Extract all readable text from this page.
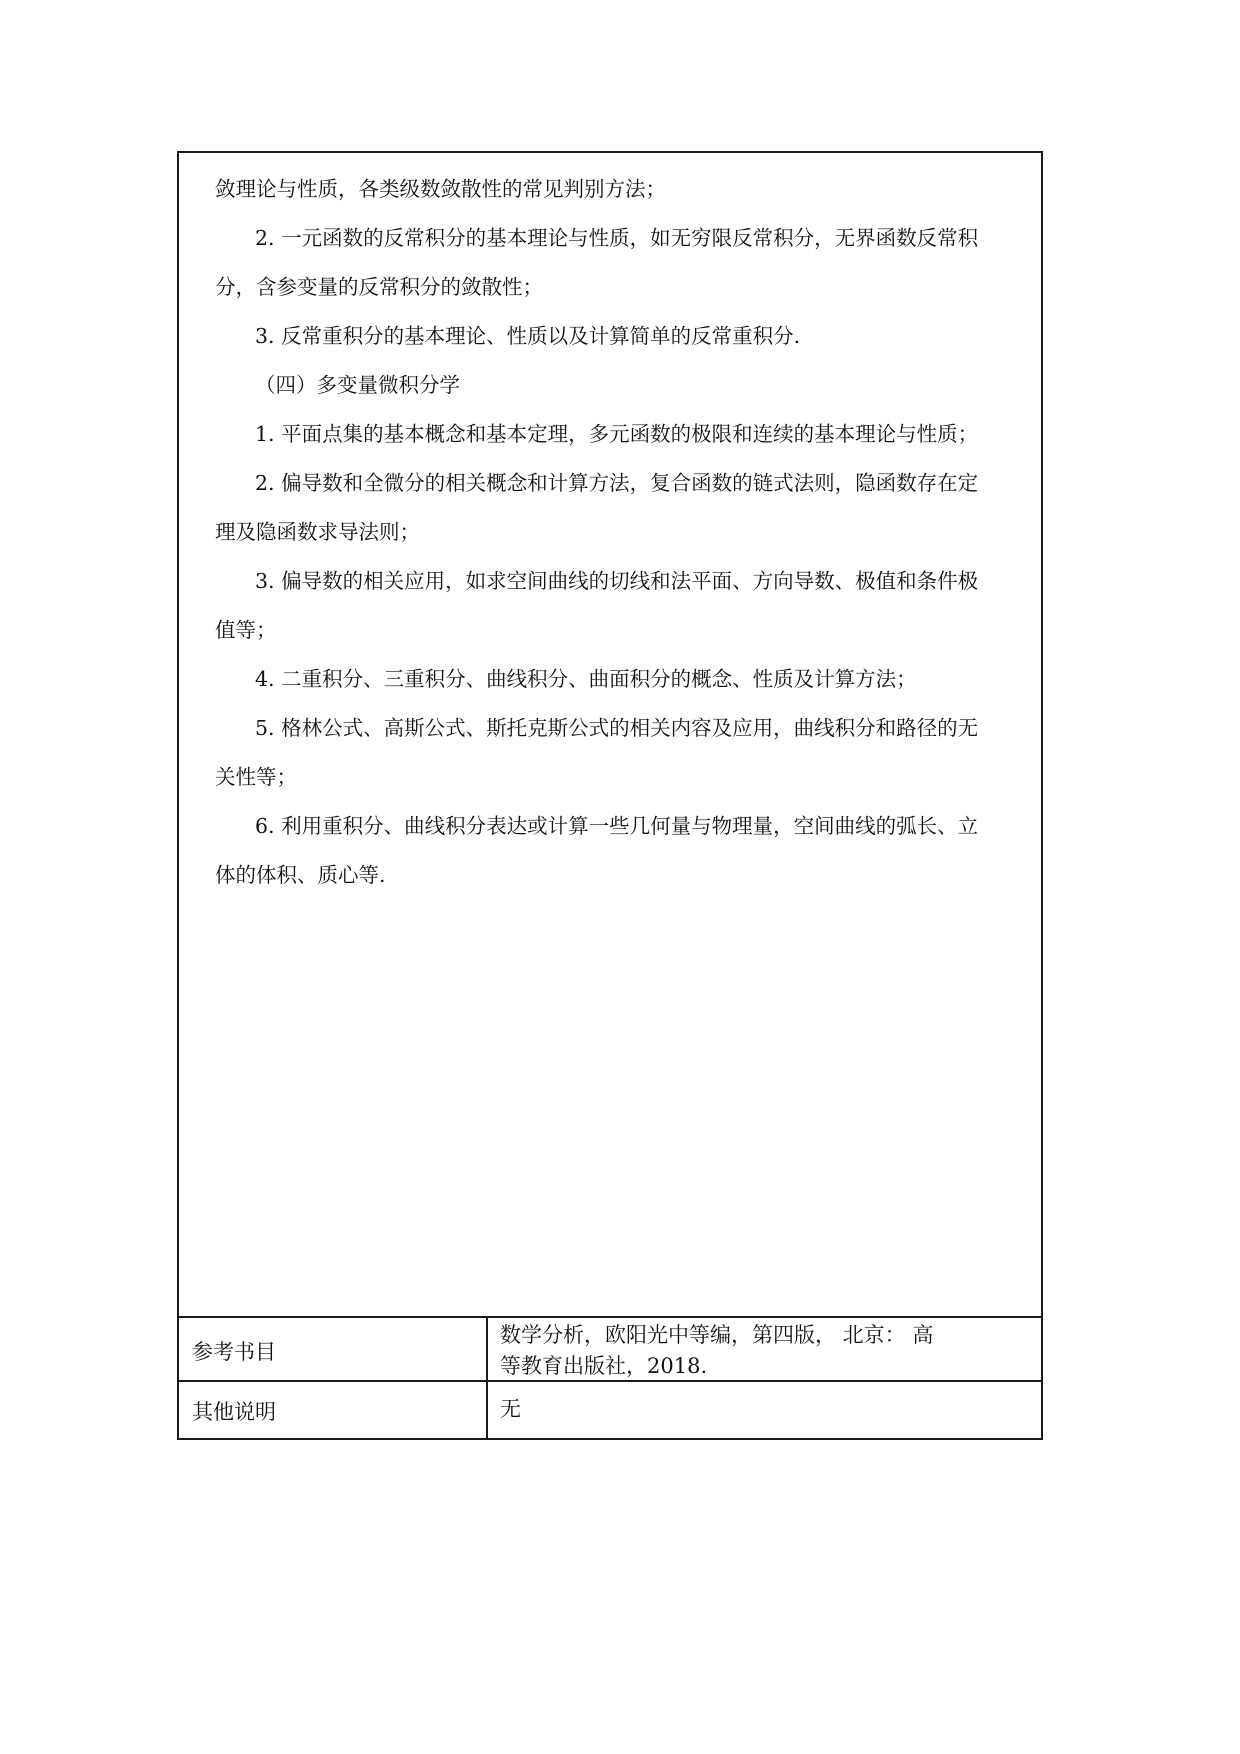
敛理论与性质，各类级数敛散性的常见判别方法；
2. 一元函数的反常积分的基本理论与性质，如无穷限反常积分，无界函数反常积
分，含参变量的反常积分的敛散性；
3. 反常重积分的基本理论、性质以及计算简单的反常重积分.
（四）多变量微积分学
1. 平面点集的基本概念和基本定理，多元函数的极限和连续的基本理论与性质；
2. 偏导数和全微分的相关概念和计算方法，复合函数的链式法则，隐函数存在定
理及隐函数求导法则；
3. 偏导数的相关应用，如求空间曲线的切线和法平面、方向导数、极值和条件极
值等；
4. 二重积分、三重积分、曲线积分、曲面积分的概念、性质及计算方法；
5. 格林公式、高斯公式、斯托克斯公式的相关内容及应用，曲线积分和路径的无
关性等；
6. 利用重积分、曲线积分表达或计算一些几何量与物理量，空间曲线的弧长、立
体的体积、质心等.
参考书目
数学分析，欧阳光中等编，第四版， 北京： 高
等教育出版社，2018.
其他说明	无
